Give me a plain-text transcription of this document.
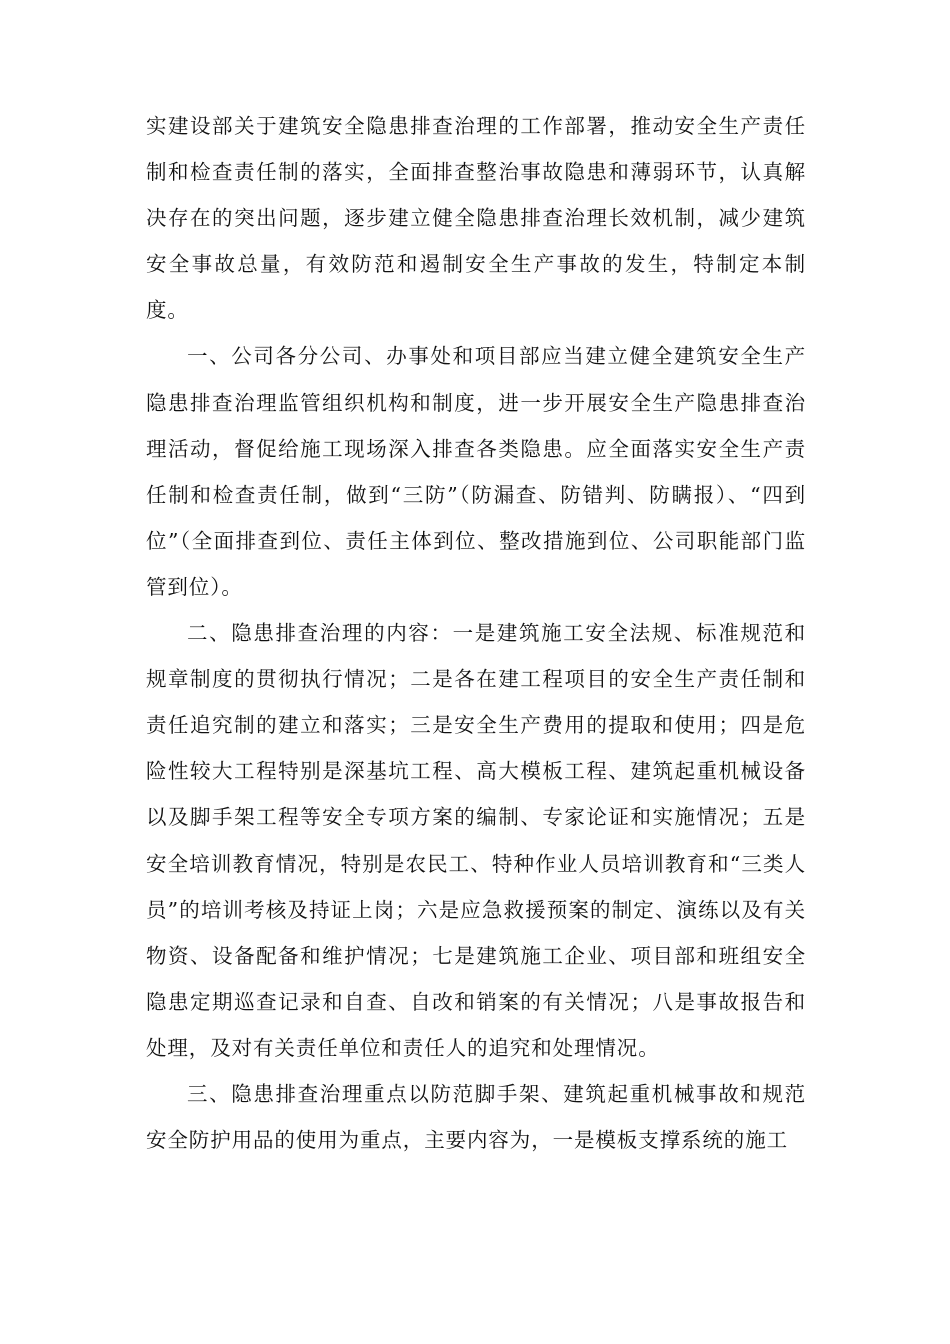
实建设部关于建筑安全隐患排查治理的工作部署，推动安全生产责任制和检查责任制的落实，全面排查整治事故隐患和薄弱环节，认真解决存在的突出问题，逐步建立健全隐患排查治理长效机制，减少建筑安全事故总量，有效防范和遏制安全生产事故的发生，特制定本制度。

一、公司各分公司、办事处和项目部应当建立健全建筑安全生产隐患排查治理监管组织机构和制度，进一步开展安全生产隐患排查治理活动，督促给施工现场深入排查各类隐患。应全面落实安全生产责任制和检查责任制，做到“三防”（防漏查、防错判、防瞒报）、“四到位”（全面排查到位、责任主体到位、整改措施到位、公司职能部门监管到位）。

二、隐患排查治理的内容：一是建筑施工安全法规、标准规范和规章制度的贯彻执行情况；二是各在建工程项目的安全生产责任制和责任追究制的建立和落实；三是安全生产费用的提取和使用；四是危险性较大工程特别是深基坑工程、高大模板工程、建筑起重机械设备以及脚手架工程等安全专项方案的编制、专家论证和实施情况；五是安全培训教育情况，特别是农民工、特种作业人员培训教育和“三类人员”的培训考核及持证上岗；六是应急救援预案的制定、演练以及有关物资、设备配备和维护情况；七是建筑施工企业、项目部和班组安全隐患定期巡查记录和自查、自改和销案的有关情况；八是事故报告和处理，及对有关责任单位和责任人的追究和处理情况。

三、隐患排查治理重点以防范脚手架、建筑起重机械事故和规范安全防护用品的使用为重点，主要内容为，一是模板支撑系统的施工
